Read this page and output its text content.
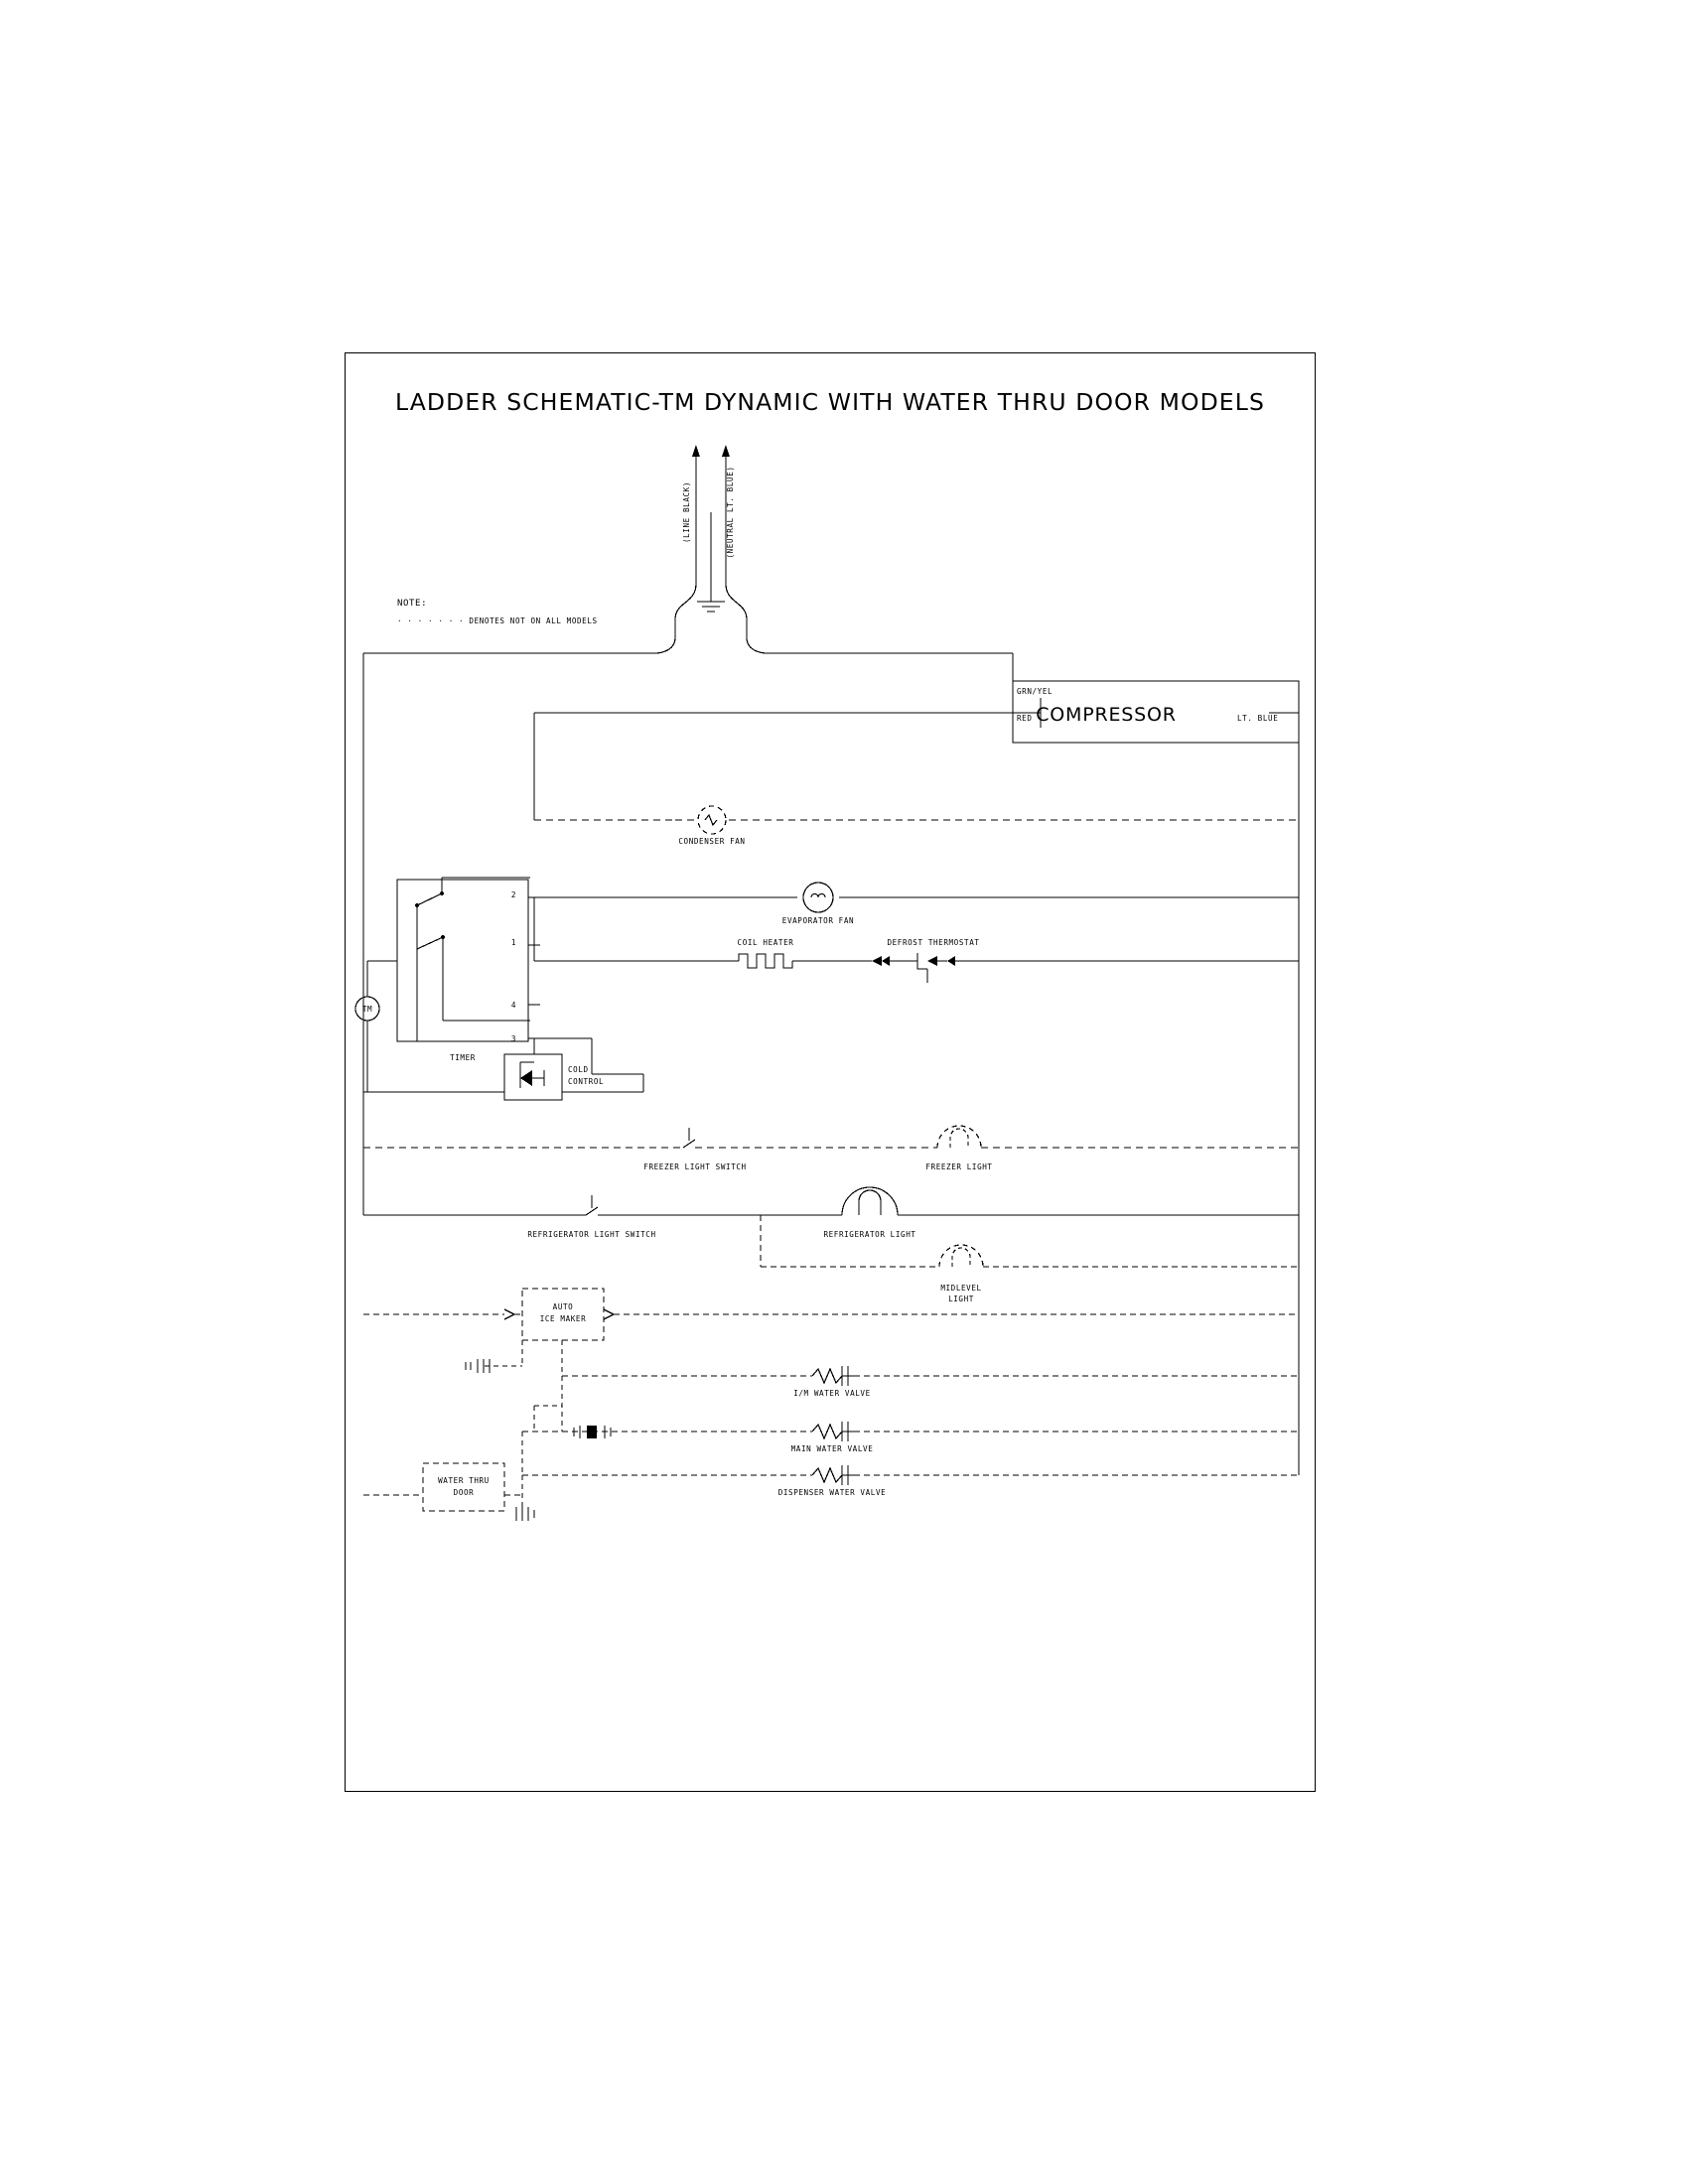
LADDER SCHEMATIC-TM DYNAMIC WITH WATER THRU DOOR MODELS
(LINE BLACK)	(NEUTRAL LT. BLUE)
NOTE:
· · · · · · · DENOTES NOT ON ALL MODELS
COMPRESSOR
GRN/YEL
RED	LT. BLUE
CONDENSER FAN
EVAPORATOR FAN
COIL HEATER	DEFROST THERMOSTAT
TIMER
TM
1
2
3
4
COLD
CONTROL
FREEZER LIGHT SWITCH	FREEZER LIGHT
REFRIGERATOR LIGHT SWITCH	REFRIGERATOR LIGHT
MIDLEVEL
LIGHT
AUTO
ICE MAKER
I/M WATER VALVE
MAIN WATER VALVE
DISPENSER WATER VALVE
WATER THRU
DOOR
